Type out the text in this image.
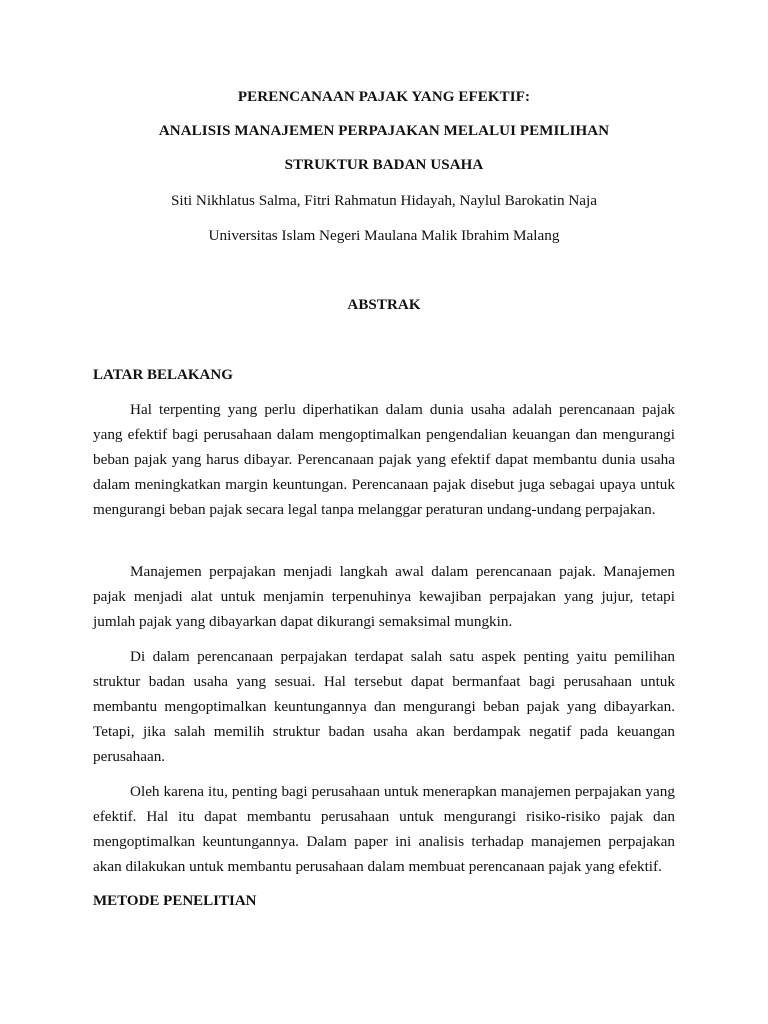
PERENCANAAN PAJAK YANG EFEKTIF:
ANALISIS MANAJEMEN PERPAJAKAN MELALUI PEMILIHAN
STRUKTUR BADAN USAHA
Siti Nikhlatus Salma, Fitri Rahmatun Hidayah, Naylul Barokatin Naja
Universitas Islam Negeri Maulana Malik Ibrahim Malang
ABSTRAK
LATAR BELAKANG

Hal terpenting yang perlu diperhatikan dalam dunia usaha adalah perencanaan pajak yang efektif bagi perusahaan dalam mengoptimalkan pengendalian keuangan dan mengurangi beban pajak yang harus dibayar. Perencanaan pajak yang efektif dapat membantu dunia usaha dalam meningkatkan margin keuntungan. Perencanaan pajak disebut juga sebagai upaya untuk mengurangi beban pajak secara legal tanpa melanggar peraturan undang-undang perpajakan.

Manajemen perpajakan menjadi langkah awal dalam perencanaan pajak. Manajemen pajak menjadi alat untuk menjamin terpenuhinya kewajiban perpajakan yang jujur, tetapi jumlah pajak yang dibayarkan dapat dikurangi semaksimal mungkin.

Di dalam perencanaan perpajakan terdapat salah satu aspek penting yaitu pemilihan struktur badan usaha yang sesuai. Hal tersebut dapat bermanfaat bagi perusahaan untuk membantu mengoptimalkan keuntungannya dan mengurangi beban pajak yang dibayarkan. Tetapi, jika salah memilih struktur badan usaha akan berdampak negatif pada keuangan perusahaan.

Oleh karena itu, penting bagi perusahaan untuk menerapkan manajemen perpajakan yang efektif. Hal itu dapat membantu perusahaan untuk mengurangi risiko-risiko pajak dan mengoptimalkan keuntungannya. Dalam paper ini analisis terhadap manajemen perpajakan akan dilakukan untuk membantu perusahaan dalam membuat perencanaan pajak yang efektif.

METODE PENELITIAN
